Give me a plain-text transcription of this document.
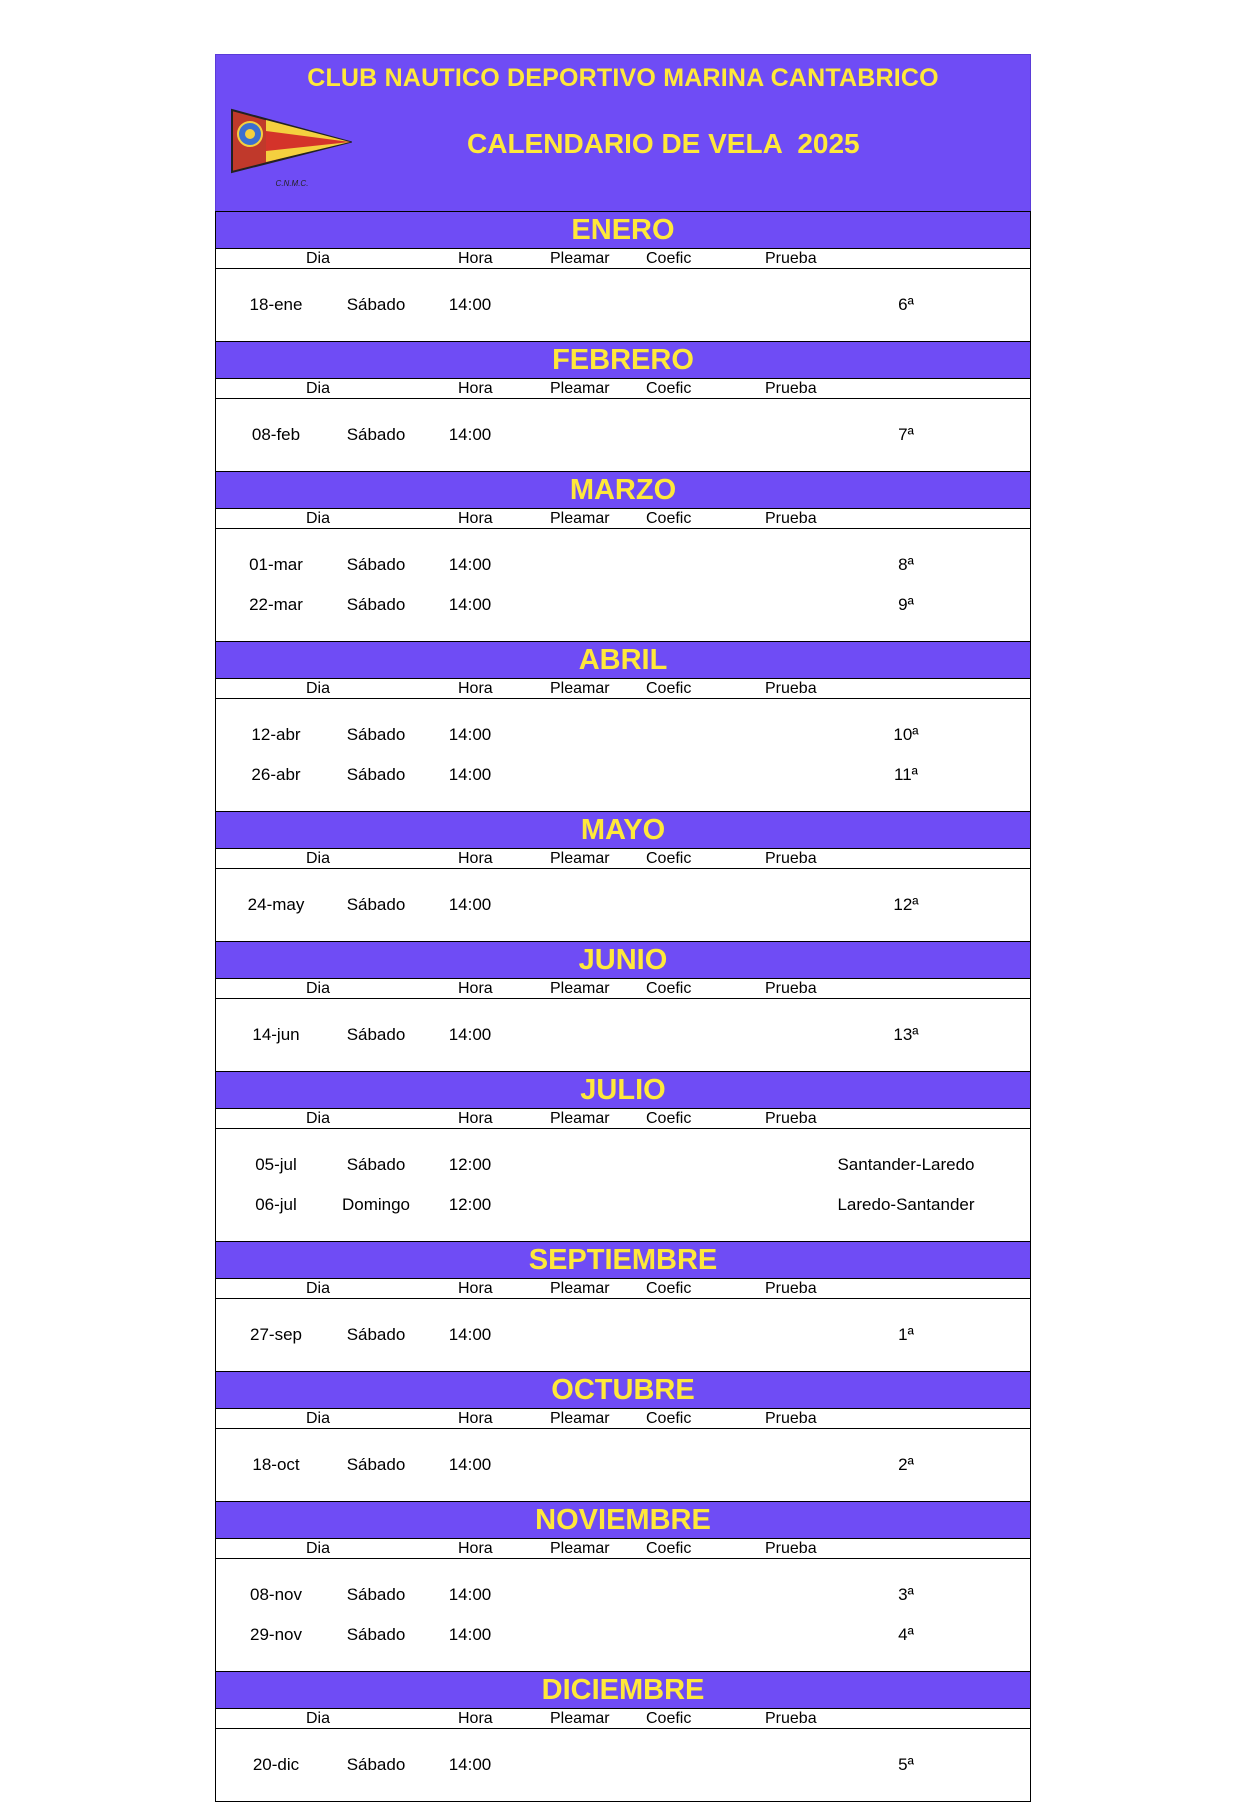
CLUB NAUTICO DEPORTIVO MARINA CANTABRICO
C.N.M.C.
CALENDARIO DE VELA  2025
ENERO
Dia	Hora	Pleamar Coefic	Prueba
18-ene	Sábado	14:00	6ª
FEBRERO
Dia	Hora	Pleamar Coefic	Prueba
08-feb	Sábado	14:00	7ª
MARZO
Dia	Hora	Pleamar Coefic	Prueba
01-mar	Sábado	14:00	8ª
22-mar	Sábado	14:00	9ª
ABRIL
Dia	Hora	Pleamar Coefic	Prueba
12-abr	Sábado	14:00	10ª
26-abr	Sábado	14:00	11ª
MAYO
Dia	Hora	Pleamar Coefic	Prueba
24-may	Sábado	14:00	12ª
JUNIO
Dia	Hora	Pleamar Coefic	Prueba
14-jun	Sábado	14:00	13ª
JULIO
Dia	Hora	Pleamar Coefic	Prueba
05-jul	Sábado	12:00	Santander-Laredo
06-jul	Domingo	12:00	Laredo-Santander
SEPTIEMBRE
Dia	Hora	Pleamar Coefic	Prueba
27-sep	Sábado	14:00	1ª
OCTUBRE
Dia	Hora	Pleamar Coefic	Prueba
18-oct	Sábado	14:00	2ª
NOVIEMBRE
Dia	Hora	Pleamar Coefic	Prueba
08-nov	Sábado	14:00	3ª
29-nov	Sábado	14:00	4ª
DICIEMBRE
Dia	Hora	Pleamar Coefic	Prueba
20-dic	Sábado	14:00	5ª
